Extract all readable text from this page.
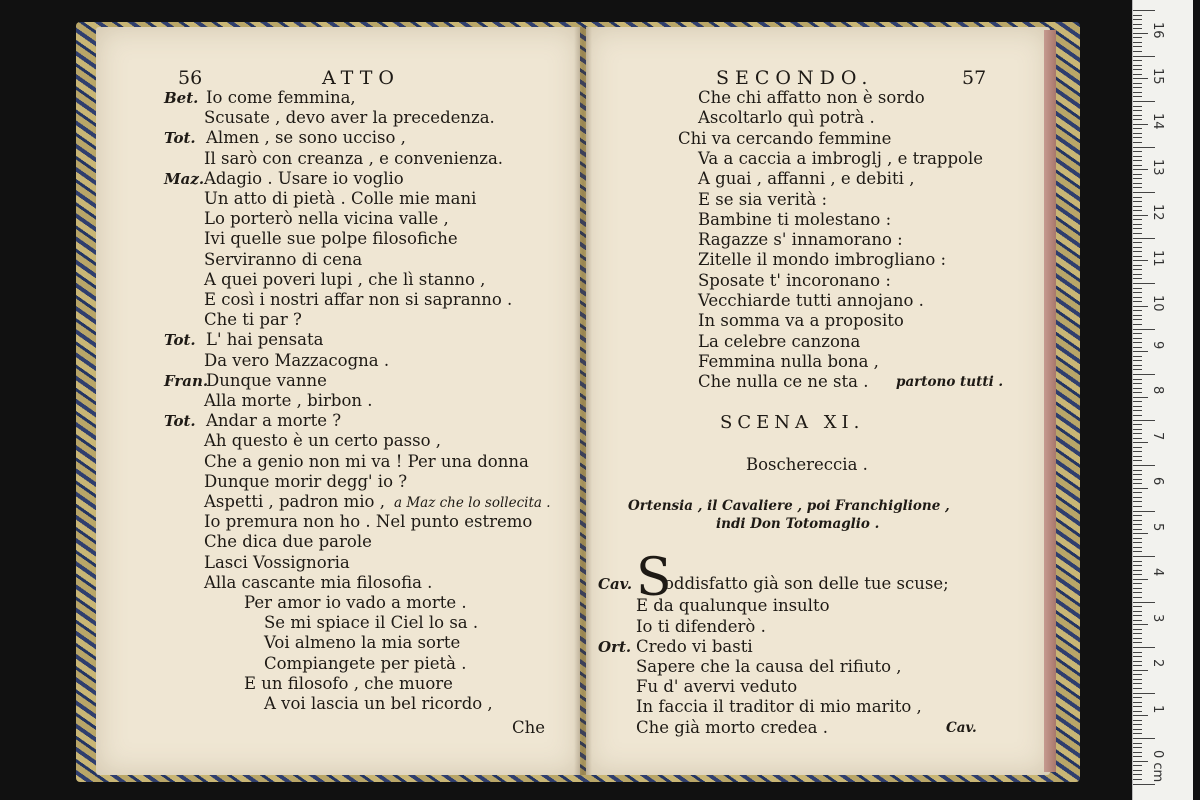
56	ATTO
Bet. Io come femmina,
Scusate , devo aver la precedenza.
Tot. Almen , se sono ucciso ,
Il sarò con creanza , e convenienza.
Maz. Adagio . Usare io voglio
Un atto di pietà . Colle mie mani
Lo porterò nella vicina valle ,
Ivi quelle sue polpe filosofiche
Serviranno di cena
A quei poveri lupi , che lì stanno ,
E così i nostri affar non si sapranno .
Che ti par ?
Tot. L' hai pensata
Da vero Mazzacogna .
Fran.
Dunque vanne
Alla morte , birbon .
Tot. Andar a morte ?
Ah questo è un certo passo ,
Che a genio non mi va ! Per una donna
Dunque morir degg' io ?
Aspetti , padron mio , a Maz che lo sollecita .
Io premura non ho . Nel punto estremo
Che dica due parole
Lasci Vossignoria
Alla cascante mia filosofia .
Per amor io vado a morte .
Se mi spiace il Ciel lo sa .
Voi almeno la mia sorte
Compiangete per pietà .
E un filosofo , che muore
A voi lascia un bel ricordo ,
Che
SECONDO.	57
Che chi affatto non è sordo
Ascoltarlo quì potrà .
Chi va cercando femmine
Va a caccia a imbroglj , e trappole
A guai , affanni , e debiti ,
E se sia verità :
Bambine ti molestano :
Ragazze s' innamorano :
Zitelle il mondo imbrogliano :
Sposate t' incoronano :
Vecchiarde tutti annojano .
In somma va a proposito
La celebre canzona
Femmina nulla bona ,
Che nulla ce ne sta . partono tutti .
SCENA XI.
Boschereccia .
Ortensia , il Cavaliere , poi Franchiglione ,
indi Don Totomaglio .
S
Cav. oddisfatto già son delle tue scuse;
E da qualunque insulto
Io ti difenderò .
Ort. Credo vi basti
Sapere che la causa del rifiuto ,
Fu d' avervi veduto
In faccia il traditor di mio marito ,
Che già morto credea .	Cav.
16
15
14
13
12
11
10
9
8
7
6
5
4
3
2
1
0 cm
